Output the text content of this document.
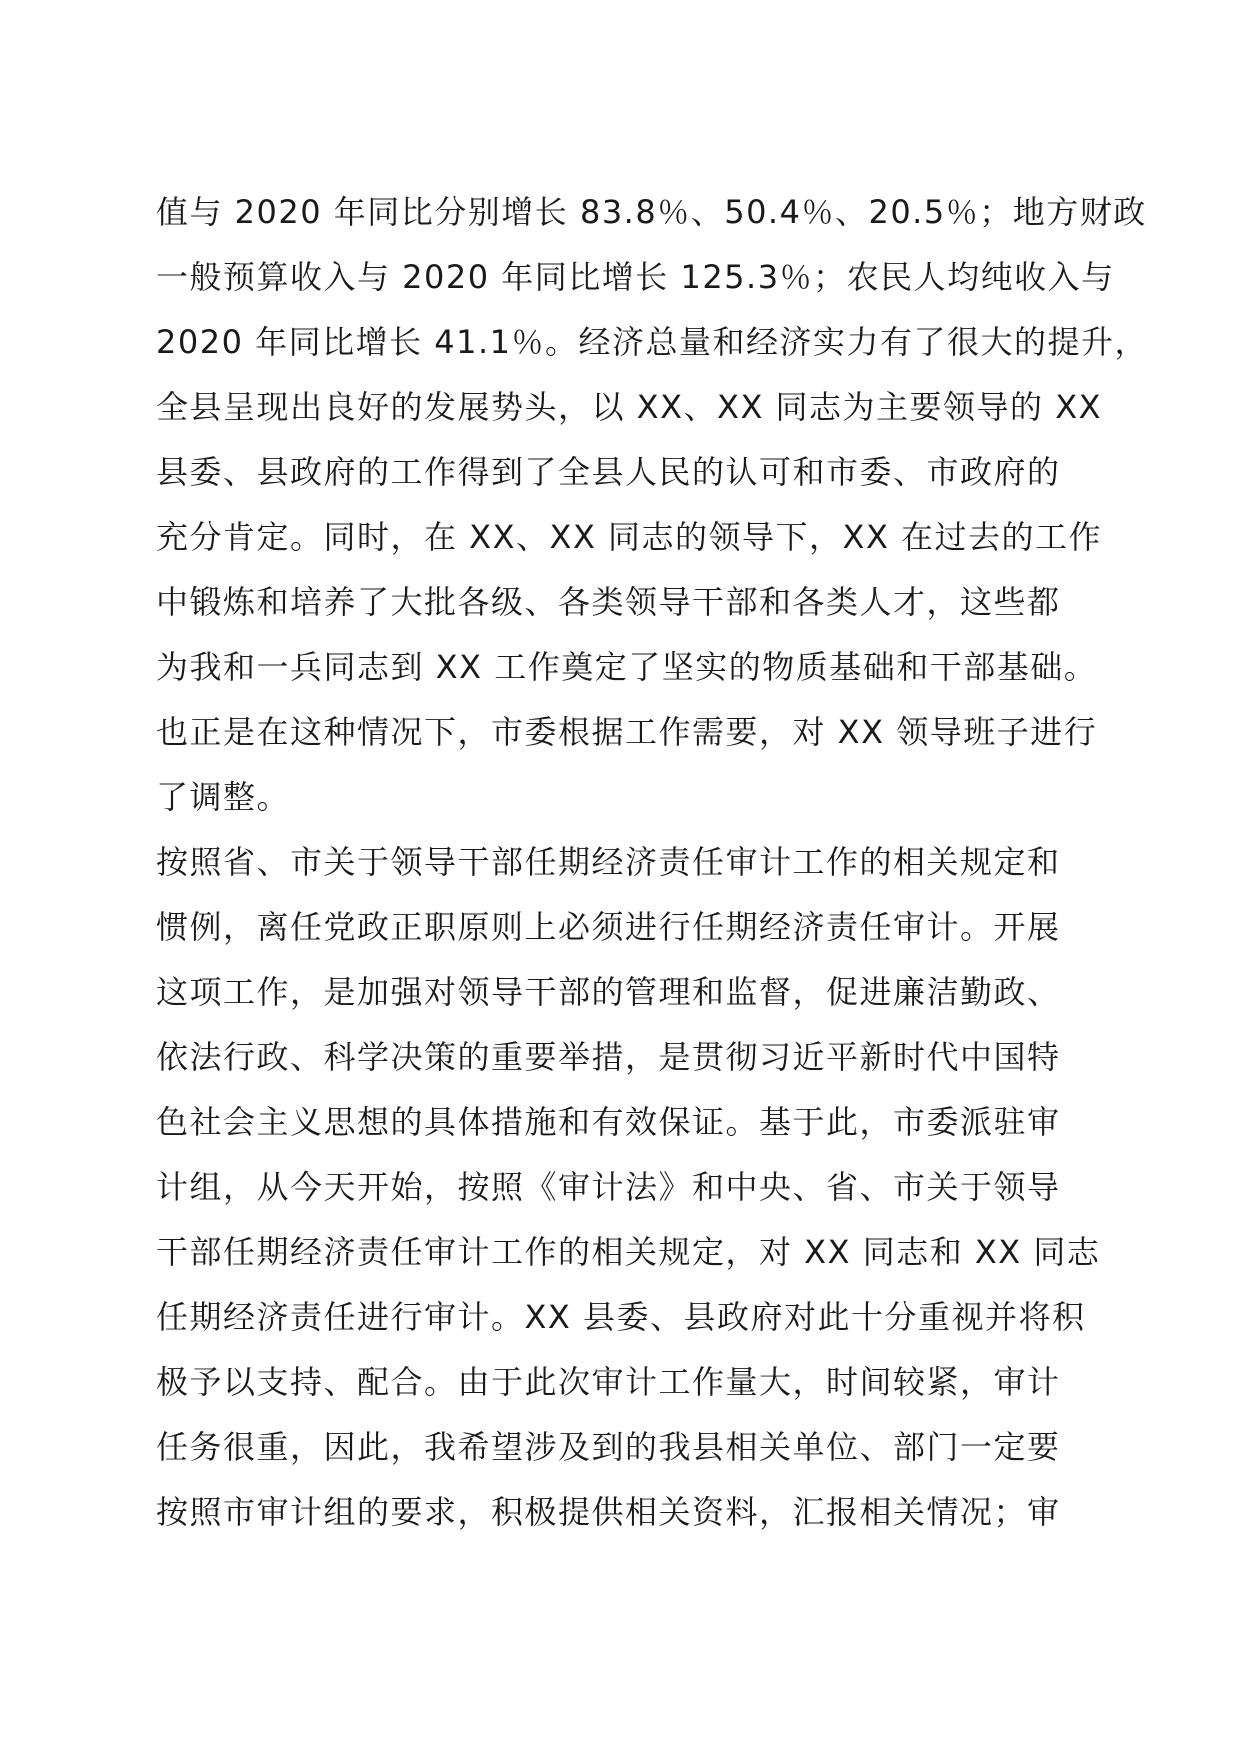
值与 2020 年同比分别增长 83.8％、50.4％、20.5％；地方财政
一般预算收入与 2020 年同比增长 125.3％；农民人均纯收入与
2020 年同比增长 41.1％。经济总量和经济实力有了很大的提升，
全县呈现出良好的发展势头，以 XX、XX 同志为主要领导的 XX
县委、县政府的工作得到了全县人民的认可和市委、市政府的
充分肯定。同时，在 XX、XX 同志的领导下，XX 在过去的工作
中锻炼和培养了大批各级、各类领导干部和各类人才，这些都
为我和一兵同志到 XX 工作奠定了坚实的物质基础和干部基础。
也正是在这种情况下，市委根据工作需要，对 XX 领导班子进行
了调整。
按照省、市关于领导干部任期经济责任审计工作的相关规定和
惯例，离任党政正职原则上必须进行任期经济责任审计。开展
这项工作，是加强对领导干部的管理和监督，促进廉洁勤政、
依法行政、科学决策的重要举措，是贯彻习近平新时代中国特
色社会主义思想的具体措施和有效保证。基于此，市委派驻审
计组，从今天开始，按照《审计法》和中央、省、市关于领导
干部任期经济责任审计工作的相关规定，对 XX 同志和 XX 同志
任期经济责任进行审计。XX 县委、县政府对此十分重视并将积
极予以支持、配合。由于此次审计工作量大，时间较紧，审计
任务很重，因此，我希望涉及到的我县相关单位、部门一定要
按照市审计组的要求，积极提供相关资料，汇报相关情况；审
